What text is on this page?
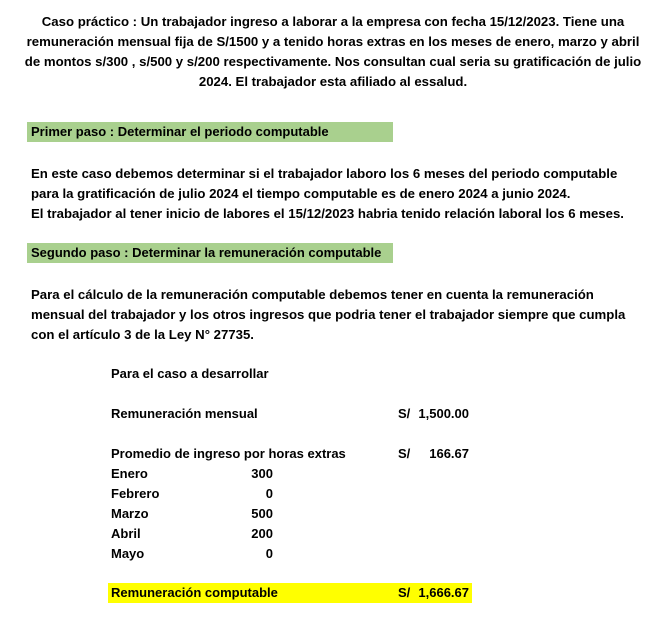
Caso práctico : Un trabajador ingreso a laborar a la empresa con fecha 15/12/2023. Tiene una remuneración mensual fija de S/1500 y a tenido horas extras en los meses de enero, marzo y abril de montos s/300 , s/500 y s/200 respectivamente. Nos consultan cual seria su gratificación de julio 2024. El trabajador esta afiliado al essalud.
Primer paso : Determinar el periodo computable
En este caso debemos determinar si el trabajador laboro los 6 meses del periodo computable
para la gratificación de julio 2024 el tiempo computable es de enero 2024 a junio 2024.
El trabajador al tener inicio de labores el 15/12/2023 habria tenido relación laboral los 6 meses.
Segundo paso : Determinar la remuneración computable
Para el cálculo de la remuneración computable debemos tener en cuenta la remuneración
mensual del trabajador y los otros ingresos que podria tener el trabajador siempre que cumpla
con el artículo 3 de la Ley N° 27735.
Para el caso a desarrollar
Remuneración mensual	S/ 1,500.00
Promedio de ingreso por horas extras	S/	166.67
Enero	300
Febrero	0
Marzo	500
Abril	200
Mayo	0
Remuneración computable	S/ 1,666.67
